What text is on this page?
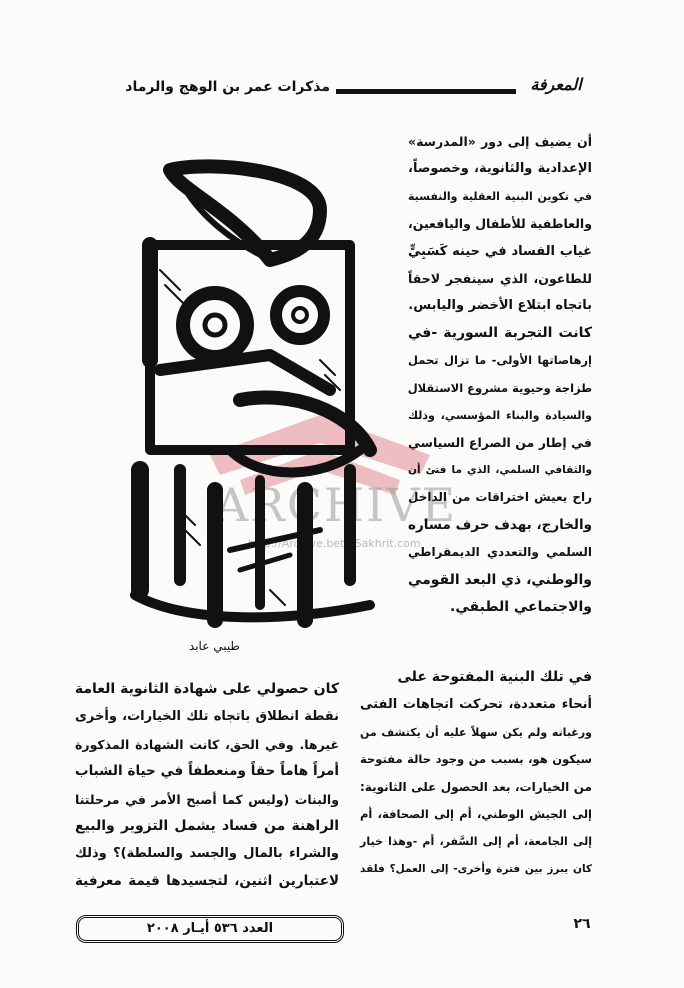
المعرفة
مذكرات عمر بن الوهج والرماد
ARCHIVE
http://Archive.beta.Sakhrit.com
طيبي عابد

أن يضيف إلى دور «المدرسة»

الإعدادية والثانوية، وخصوصاً،

في تكوين البنية العقلية والنفسية

والعاطفية للأطفال واليافعين،

غياب الفساد في حينه كَسَبِيٍّ

للطاعون، الذي سينفجر لاحقاً

باتجاه ابتلاع الأخضر واليابس.

كانت التجربة السورية -في

إرهاصاتها الأولى- ما تزال تحمل

طزاجة وحيوية مشروع الاستقلال

والسيادة والبناء المؤسسي، وذلك

في إطار من الصراع السياسي

والثقافي السلمي، الذي ما فتئ أن

راح يعيش اختراقات من الداخل

والخارج، بهدف حرف مساره

السلمي والتعددي الديمقراطي

والوطني، ذي البعد القومي

والاجتماعي الطبقي.

في تلك البنية المفتوحة على

أنحاء متعددة، تحركت اتجاهات الفتى

ورغباته ولم يكن سهلاً عليه أن يكتشف من

سيكون هو، بسبب من وجود حالة مفتوحة

من الخيارات، بعد الحصول على الثانوية:

إلى الجيش الوطني، أم إلى الصحافة، أم

إلى الجامعة، أم إلى السَّفر، أم -وهذا خيار

كان يبرز بين فترة وأخرى- إلى العمل؟ فلقد

كان حصولي على شهادة الثانوية العامة

نقطة انطلاق باتجاه تلك الخيارات، وأخرى

غيرها. وفي الحق، كانت الشهادة المذكورة

أمراً هاماً حقاً ومنعطفاً في حياة الشباب

والبنات (وليس كما أصبح الأمر في مرحلتنا

الراهنة من فساد يشمل التزوير والبيع

والشراء بالمال والجسد والسلطة)؟ وذلك

لاعتبارين اثنين، لتجسيدها قيمة معرفية

٢٦
العدد ٥٣٦ أيـار ٢٠٠٨
